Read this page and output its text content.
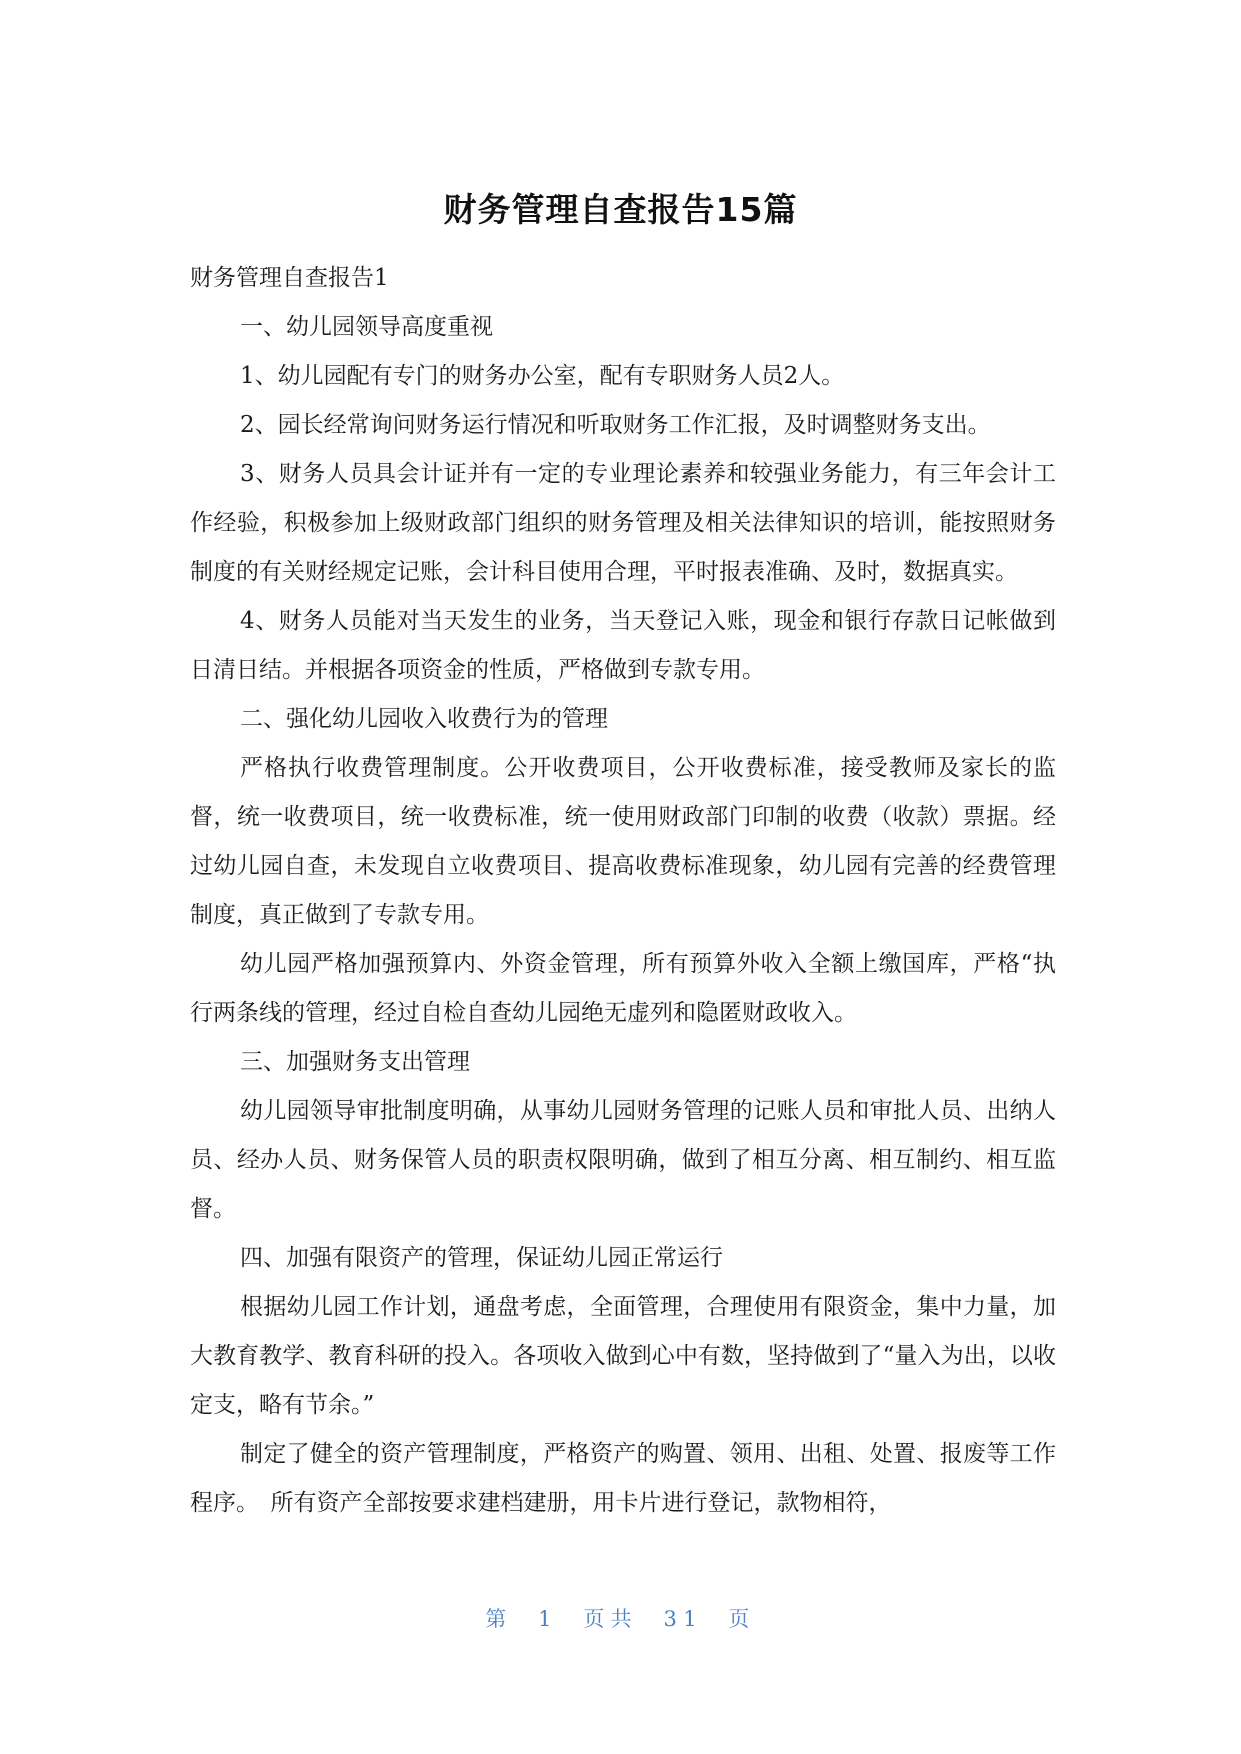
财务管理自查报告15篇

财务管理自查报告1

一、幼儿园领导高度重视

1、幼儿园配有专门的财务办公室，配有专职财务人员2人。

2、园长经常询问财务运行情况和听取财务工作汇报，及时调整财务支出。

3、财务人员具会计证并有一定的专业理论素养和较强业务能力，有三年会计工作经验，积极参加上级财政部门组织的财务管理及相关法律知识的培训，能按照财务制度的有关财经规定记账，会计科目使用合理，平时报表准确、及时，数据真实。

4、财务人员能对当天发生的业务，当天登记入账，现金和银行存款日记帐做到日清日结。并根据各项资金的性质，严格做到专款专用。

二、强化幼儿园收入收费行为的管理

严格执行收费管理制度。公开收费项目，公开收费标准，接受教师及家长的监督，统一收费项目，统一收费标准，统一使用财政部门印制的收费（收款）票据。经过幼儿园自查，未发现自立收费项目、提高收费标准现象，幼儿园有完善的经费管理制度，真正做到了专款专用。

幼儿园严格加强预算内、外资金管理，所有预算外收入全额上缴国库，严格“执行两条线的管理，经过自检自查幼儿园绝无虚列和隐匿财政收入。

三、加强财务支出管理

幼儿园领导审批制度明确，从事幼儿园财务管理的记账人员和审批人员、出纳人员、经办人员、财务保管人员的职责权限明确，做到了相互分离、相互制约、相互监督。

四、加强有限资产的管理，保证幼儿园正常运行

根据幼儿园工作计划，通盘考虑，全面管理，合理使用有限资金，集中力量，加大教育教学、教育科研的投入。各项收入做到心中有数，坚持做到了“量入为出，以收定支，略有节余。”

制定了健全的资产管理制度，严格资产的购置、领用、出租、处置、报废等工作程序。　所有资产全部按要求建档建册，用卡片进行登记，款物相符，

第 1 页共 31 页
